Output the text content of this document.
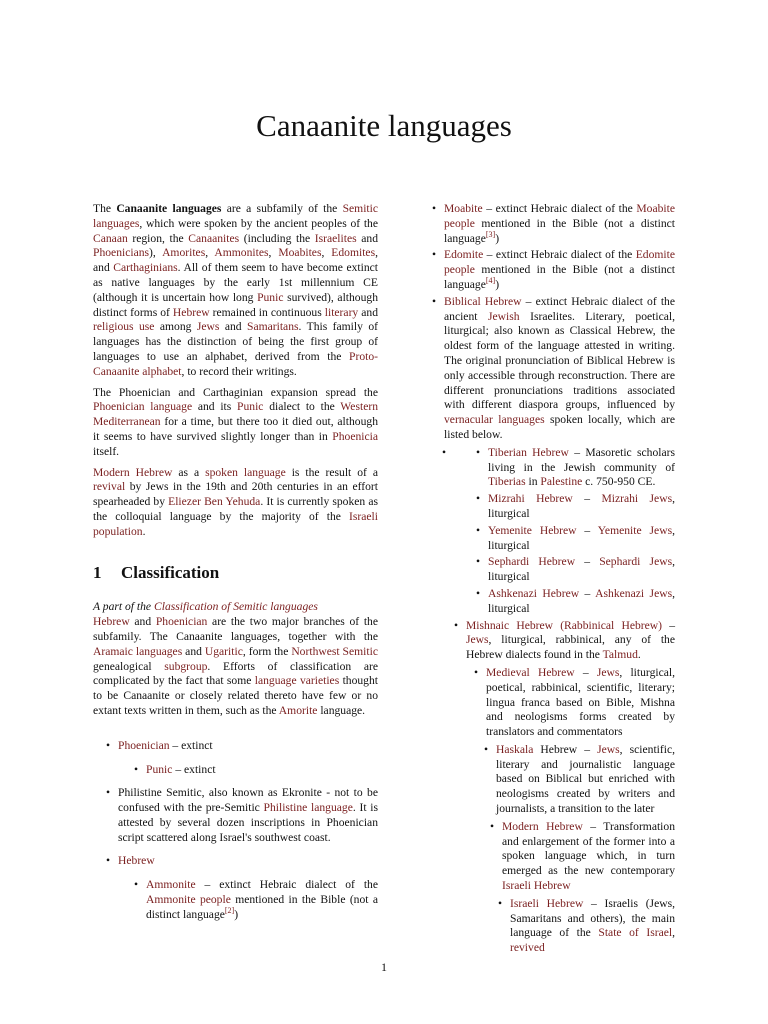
Canaanite languages

The Canaanite languages are a subfamily of the Semitic languages, which were spoken by the ancient peoples of the Canaan region, the Canaanites (including the Israelites and Phoenicians), Amorites, Ammonites, Moabites, Edomites, and Carthaginians. All of them seem to have become extinct as native languages by the early 1st millennium CE (although it is uncertain how long Punic survived), although distinct forms of Hebrew remained in continuous literary and religious use among Jews and Samaritans. This family of languages has the distinction of being the first group of languages to use an alphabet, derived from the Proto-Canaanite alphabet, to record their writings.

The Phoenician and Carthaginian expansion spread the Phoenician language and its Punic dialect to the Western Mediterranean for a time, but there too it died out, although it seems to have survived slightly longer than in Phoenicia itself.

Modern Hebrew as a spoken language is the result of a revival by Jews in the 19th and 20th centuries in an effort spearheaded by Eliezer Ben Yehuda. It is currently spoken as the colloquial language by the majority of the Israeli population.

1 Classification

A part of the Classification of Semitic languages

Hebrew and Phoenician are the two major branches of the subfamily. The Canaanite languages, together with the Aramaic languages and Ugaritic, form the Northwest Semitic genealogical subgroup. Efforts of classification are complicated by the fact that some language varieties thought to be Canaanite or closely related thereto have few or no extant texts written in them, such as the Amorite language.

• Phoenician – extinct
• Punic – extinct
• Philistine Semitic, also known as Ekronite - not to be confused with the pre-Semitic Philistine language. It is attested by several dozen inscriptions in Phoenician script scattered along Israel's southwest coast.
• Hebrew
• Ammonite – extinct Hebraic dialect of the Ammonite people mentioned in the Bible (not a distinct language[2])
• Moabite – extinct Hebraic dialect of the Moabite people mentioned in the Bible (not a distinct language[3])
• Edomite – extinct Hebraic dialect of the Edomite people mentioned in the Bible (not a distinct language[4])
• Biblical Hebrew – extinct Hebraic dialect of the ancient Jewish Israelites. Literary, poetical, liturgical; also known as Classical Hebrew, the oldest form of the language attested in writing. The original pronunciation of Biblical Hebrew is only accessible through reconstruction. There are different pronunciations traditions associated with different diaspora groups, influenced by vernacular languages spoken locally, which are listed below.
•	• Tiberian Hebrew – Masoretic scholars living in the Jewish community of Tiberias in Palestine c. 750-950 CE.
• Mizrahi Hebrew – Mizrahi Jews, liturgical
• Yemenite Hebrew – Yemenite Jews, liturgical
• Sephardi Hebrew – Sephardi Jews, liturgical
• Ashkenazi Hebrew – Ashkenazi Jews, liturgical
• Mishnaic Hebrew (Rabbinical Hebrew) – Jews, liturgical, rabbinical, any of the Hebrew dialects found in the Talmud.
• Medieval Hebrew – Jews, liturgical, poetical, rabbinical, scientific, literary; lingua franca based on Bible, Mishna and neologisms forms created by translators and commentators
• Haskala Hebrew – Jews, scientific, literary and journalistic language based on Biblical but enriched with neologisms created by writers and journalists, a transition to the later
• Modern Hebrew – Transformation and enlargement of the former into a spoken language which, in turn emerged as the new contemporary Israeli Hebrew
• Israeli Hebrew – Israelis (Jews, Samaritans and others), the main language of the State of Israel, revived
1
